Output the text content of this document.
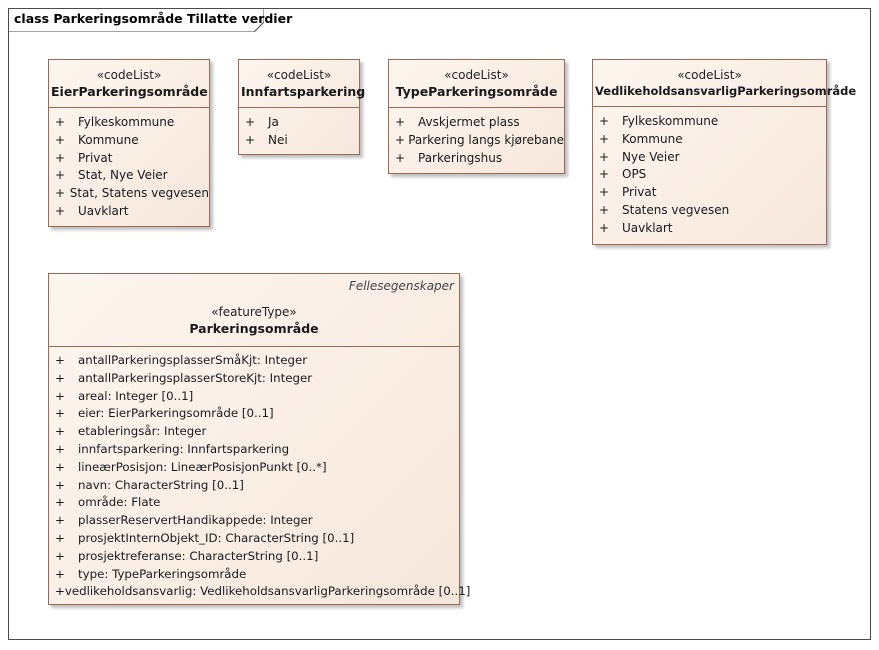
class Parkeringsområde Tillatte verdier
«codeList»
EierParkeringsområde
+	Fylkeskommune
+	Kommune
+	Privat
+	Stat, Nye Veier
+ Stat, Statens vegvesen
+	Uavklart
«codeList»
Innfartsparkering
+	Ja
+	Nei
«codeList»
TypeParkeringsområde
+	Avskjermet plass
+ Parkering langs kjørebane
+	Parkeringshus
«codeList»
VedlikeholdsansvarligParkeringsområde
+	Fylkeskommune
+	Kommune
+	Nye Veier
+	OPS
+	Privat
+	Statens vegvesen
+	Uavklart
Fellesegenskaper
«featureType»
Parkeringsområde
+	antallParkeringsplasserSmåKjt: Integer
+	antallParkeringsplasserStoreKjt: Integer
+	areal: Integer [0..1]
+	eier: EierParkeringsområde [0..1]
+	etableringsår: Integer
+	innfartsparkering: Innfartsparkering
+	lineærPosisjon: LineærPosisjonPunkt [0..*]
+	navn: CharacterString [0..1]
+	område: Flate
+	plasserReservertHandikappede: Integer
+	prosjektInternObjekt_ID: CharacterString [0..1]
+	prosjektreferanse: CharacterString [0..1]
+	type: TypeParkeringsområde
+ vedlikeholdsansvarlig: VedlikeholdsansvarligParkeringsområde [0..1]
